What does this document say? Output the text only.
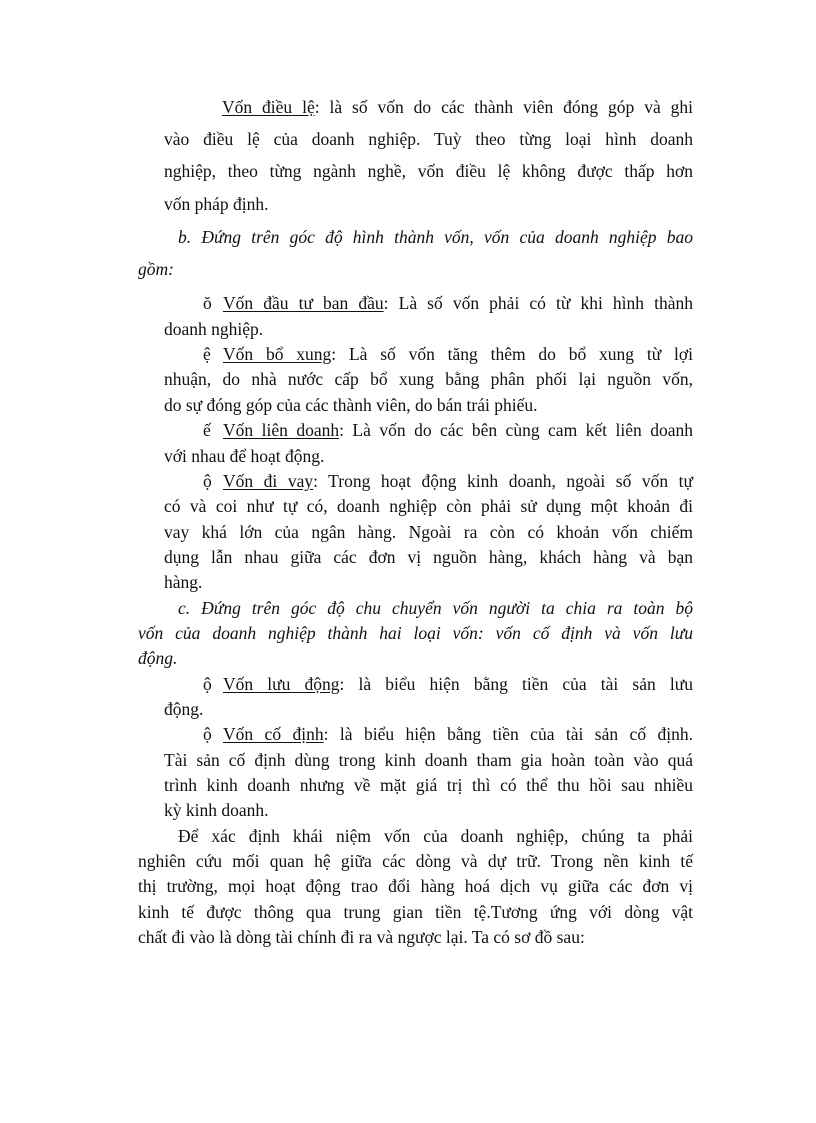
Vốn điều lệ: là số vốn do các thành viên đóng góp và ghi
vào điều lệ của doanh nghiệp. Tuỳ theo từng loại hình doanh
nghiệp, theo từng ngành nghề, vốn điều lệ không được thấp hơn
vốn pháp định.
b. Đứng trên góc độ hình thành vốn, vốn của doanh nghiệp bao
gồm:
ŏ Vốn đầu tư ban đầu: Là số vốn phải có từ khi hình thành
doanh nghiệp.
ệ Vốn bổ xung: Là số vốn tăng thêm do bổ xung từ lợi
nhuận, do nhà nước cấp bổ xung bằng phân phối lại nguồn vốn,
do sự đóng góp của các thành viên, do bán trái phiếu.
ế Vốn liên doanh: Là vốn do các bên cùng cam kết liên doanh
với nhau để hoạt động.
ộ Vốn đi vay: Trong hoạt động kinh doanh, ngoài số vốn tự
có và coi như tự có, doanh nghiệp còn phải sử dụng một khoản đi
vay khá lớn của ngân hàng. Ngoài ra còn có khoản vốn chiếm
dụng lẫn nhau giữa các đơn vị nguồn hàng, khách hàng và bạn
hàng.
c. Đứng trên góc độ chu chuyển vốn người ta chia ra toàn bộ
vốn của doanh nghiệp thành hai loại vốn: vốn cố định và vốn lưu
động.
ộ Vốn lưu động: là biểu hiện bằng tiền của tài sản lưu
động.
ộ Vốn cố định: là biểu hiện bằng tiền của tài sản cố định.
Tài sản cố định dùng trong kinh doanh tham gia hoàn toàn vào quá
trình kinh doanh nhưng về mặt giá trị thì có thể thu hồi sau nhiều
kỳ kinh doanh.
Để xác định khái niệm vốn của doanh nghiệp, chúng ta phải
nghiên cứu mối quan hệ giữa các dòng và dự trữ. Trong nền kinh tế
thị trường, mọi hoạt động trao đổi hàng hoá dịch vụ giữa các đơn vị
kinh tế được thông qua trung gian tiền tệ.Tương ứng với dòng vật
chất đi vào là dòng tài chính đi ra và ngược lại. Ta có sơ đồ sau:
